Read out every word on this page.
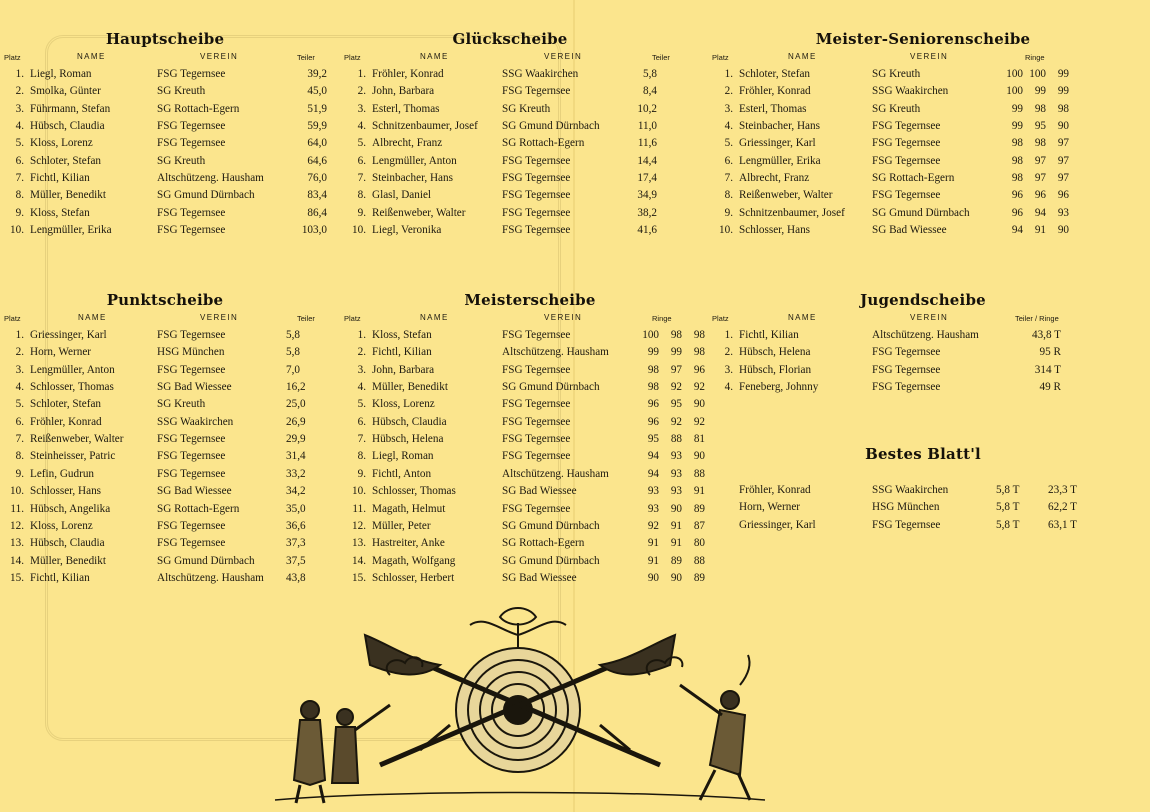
Hauptscheibe
Platz	NAME	VEREIN	Teiler
1. Liegl, Roman	FSG Tegernsee	39,2
2. Smolka, Günter	SG Kreuth	45,0
3. Führmann, Stefan	SG Rottach-Egern	51,9
4. Hübsch, Claudia	FSG Tegernsee	59,9
5. Kloss, Lorenz	FSG Tegernsee	64,0
6. Schloter, Stefan	SG Kreuth	64,6
7. Fichtl, Kilian	Altschützeng. Hausham	76,0
8. Müller, Benedikt	SG Gmund Dürnbach	83,4
9. Kloss, Stefan	FSG Tegernsee	86,4
10. Lengmüller, Erika	FSG Tegernsee	103,0
Glückscheibe
Platz	NAME	VEREIN	Teiler
1. Fröhler, Konrad	SSG Waakirchen	5,8
2. John, Barbara	FSG Tegernsee	8,4
3. Esterl, Thomas	SG Kreuth	10,2
4. Schnitzenbaumer, Josef SG Gmund Dürnbach	11,0
5. Albrecht, Franz	SG Rottach-Egern	11,6
6. Lengmüller, Anton	FSG Tegernsee	14,4
7. Steinbacher, Hans	FSG Tegernsee	17,4
8. Glasl, Daniel	FSG Tegernsee	34,9
9. Reißenweber, Walter	FSG Tegernsee	38,2
10. Liegl, Veronika	FSG Tegernsee	41,6
Meister-Seniorenscheibe
Platz	NAME	VEREIN	Ringe
1. Schloter, Stefan	SG Kreuth	100 100	99
2. Fröhler, Konrad	SSG Waakirchen	100	99	99
3. Esterl, Thomas	SG Kreuth	99	98	98
4. Steinbacher, Hans	FSG Tegernsee	99	95	90
5. Griessinger, Karl	FSG Tegernsee	98	98	97
6. Lengmüller, Erika	FSG Tegernsee	98	97	97
7. Albrecht, Franz	SG Rottach-Egern	98	97	97
8. Reißenweber, Walter	FSG Tegernsee	96	96	96
9. Schnitzenbaumer, Josef SG Gmund Dürnbach	96	94	93
10. Schlosser, Hans	SG Bad Wiessee	94	91	90
Punktscheibe
Platz	NAME	VEREIN	Teiler
1. Griessinger, Karl	FSG Tegernsee	5,8
2. Horn, Werner	HSG München	5,8
3. Lengmüller, Anton	FSG Tegernsee	7,0
4. Schlosser, Thomas	SG Bad Wiessee	16,2
5. Schloter, Stefan	SG Kreuth	25,0
6. Fröhler, Konrad	SSG Waakirchen	26,9
7. Reißenweber, Walter	FSG Tegernsee	29,9
8. Steinheisser, Patric	FSG Tegernsee	31,4
9. Lefin, Gudrun	FSG Tegernsee	33,2
10. Schlosser, Hans	SG Bad Wiessee	34,2
11. Hübsch, Angelika	SG Rottach-Egern	35,0
12. Kloss, Lorenz	FSG Tegernsee	36,6
13. Hübsch, Claudia	FSG Tegernsee	37,3
14. Müller, Benedikt	SG Gmund Dürnbach	37,5
15. Fichtl, Kilian	Altschützeng. Hausham 43,8
Meisterscheibe
Platz	NAME	VEREIN	Ringe
1. Kloss, Stefan	FSG Tegernsee	100	98	98
2. Fichtl, Kilian	Altschützeng. Hausham	99	99	98
3. John, Barbara	FSG Tegernsee	98	97	96
4. Müller, Benedikt	SG Gmund Dürnbach	98	92	92
5. Kloss, Lorenz	FSG Tegernsee	96	95	90
6. Hübsch, Claudia	FSG Tegernsee	96	92	92
7. Hübsch, Helena	FSG Tegernsee	95	88	81
8. Liegl, Roman	FSG Tegernsee	94	93	90
9. Fichtl, Anton	Altschützeng. Hausham	94	93	88
10. Schlosser, Thomas	SG Bad Wiessee	93	93	91
11. Magath, Helmut	FSG Tegernsee	93	90	89
12. Müller, Peter	SG Gmund Dürnbach	92	91	87
13. Hastreiter, Anke	SG Rottach-Egern	91	91	80
14. Magath, Wolfgang	SG Gmund Dürnbach	91	89	88
15. Schlosser, Herbert	SG Bad Wiessee	90	90	89
Jugendscheibe
Platz	NAME	VEREIN	Teiler / Ringe
1. Fichtl, Kilian	Altschützeng. Hausham	43,8 T
2. Hübsch, Helena	FSG Tegernsee	95 R
3. Hübsch, Florian	FSG Tegernsee	314 T
4. Feneberg, Johnny	FSG Tegernsee	49 R
Bestes Blatt'l
Fröhler, Konrad	SSG Waakirchen	5,8 T	23,3 T
Horn, Werner	HSG München	5,8 T	62,2 T
Griessinger, Karl	FSG Tegernsee	5,8 T	63,1 T
